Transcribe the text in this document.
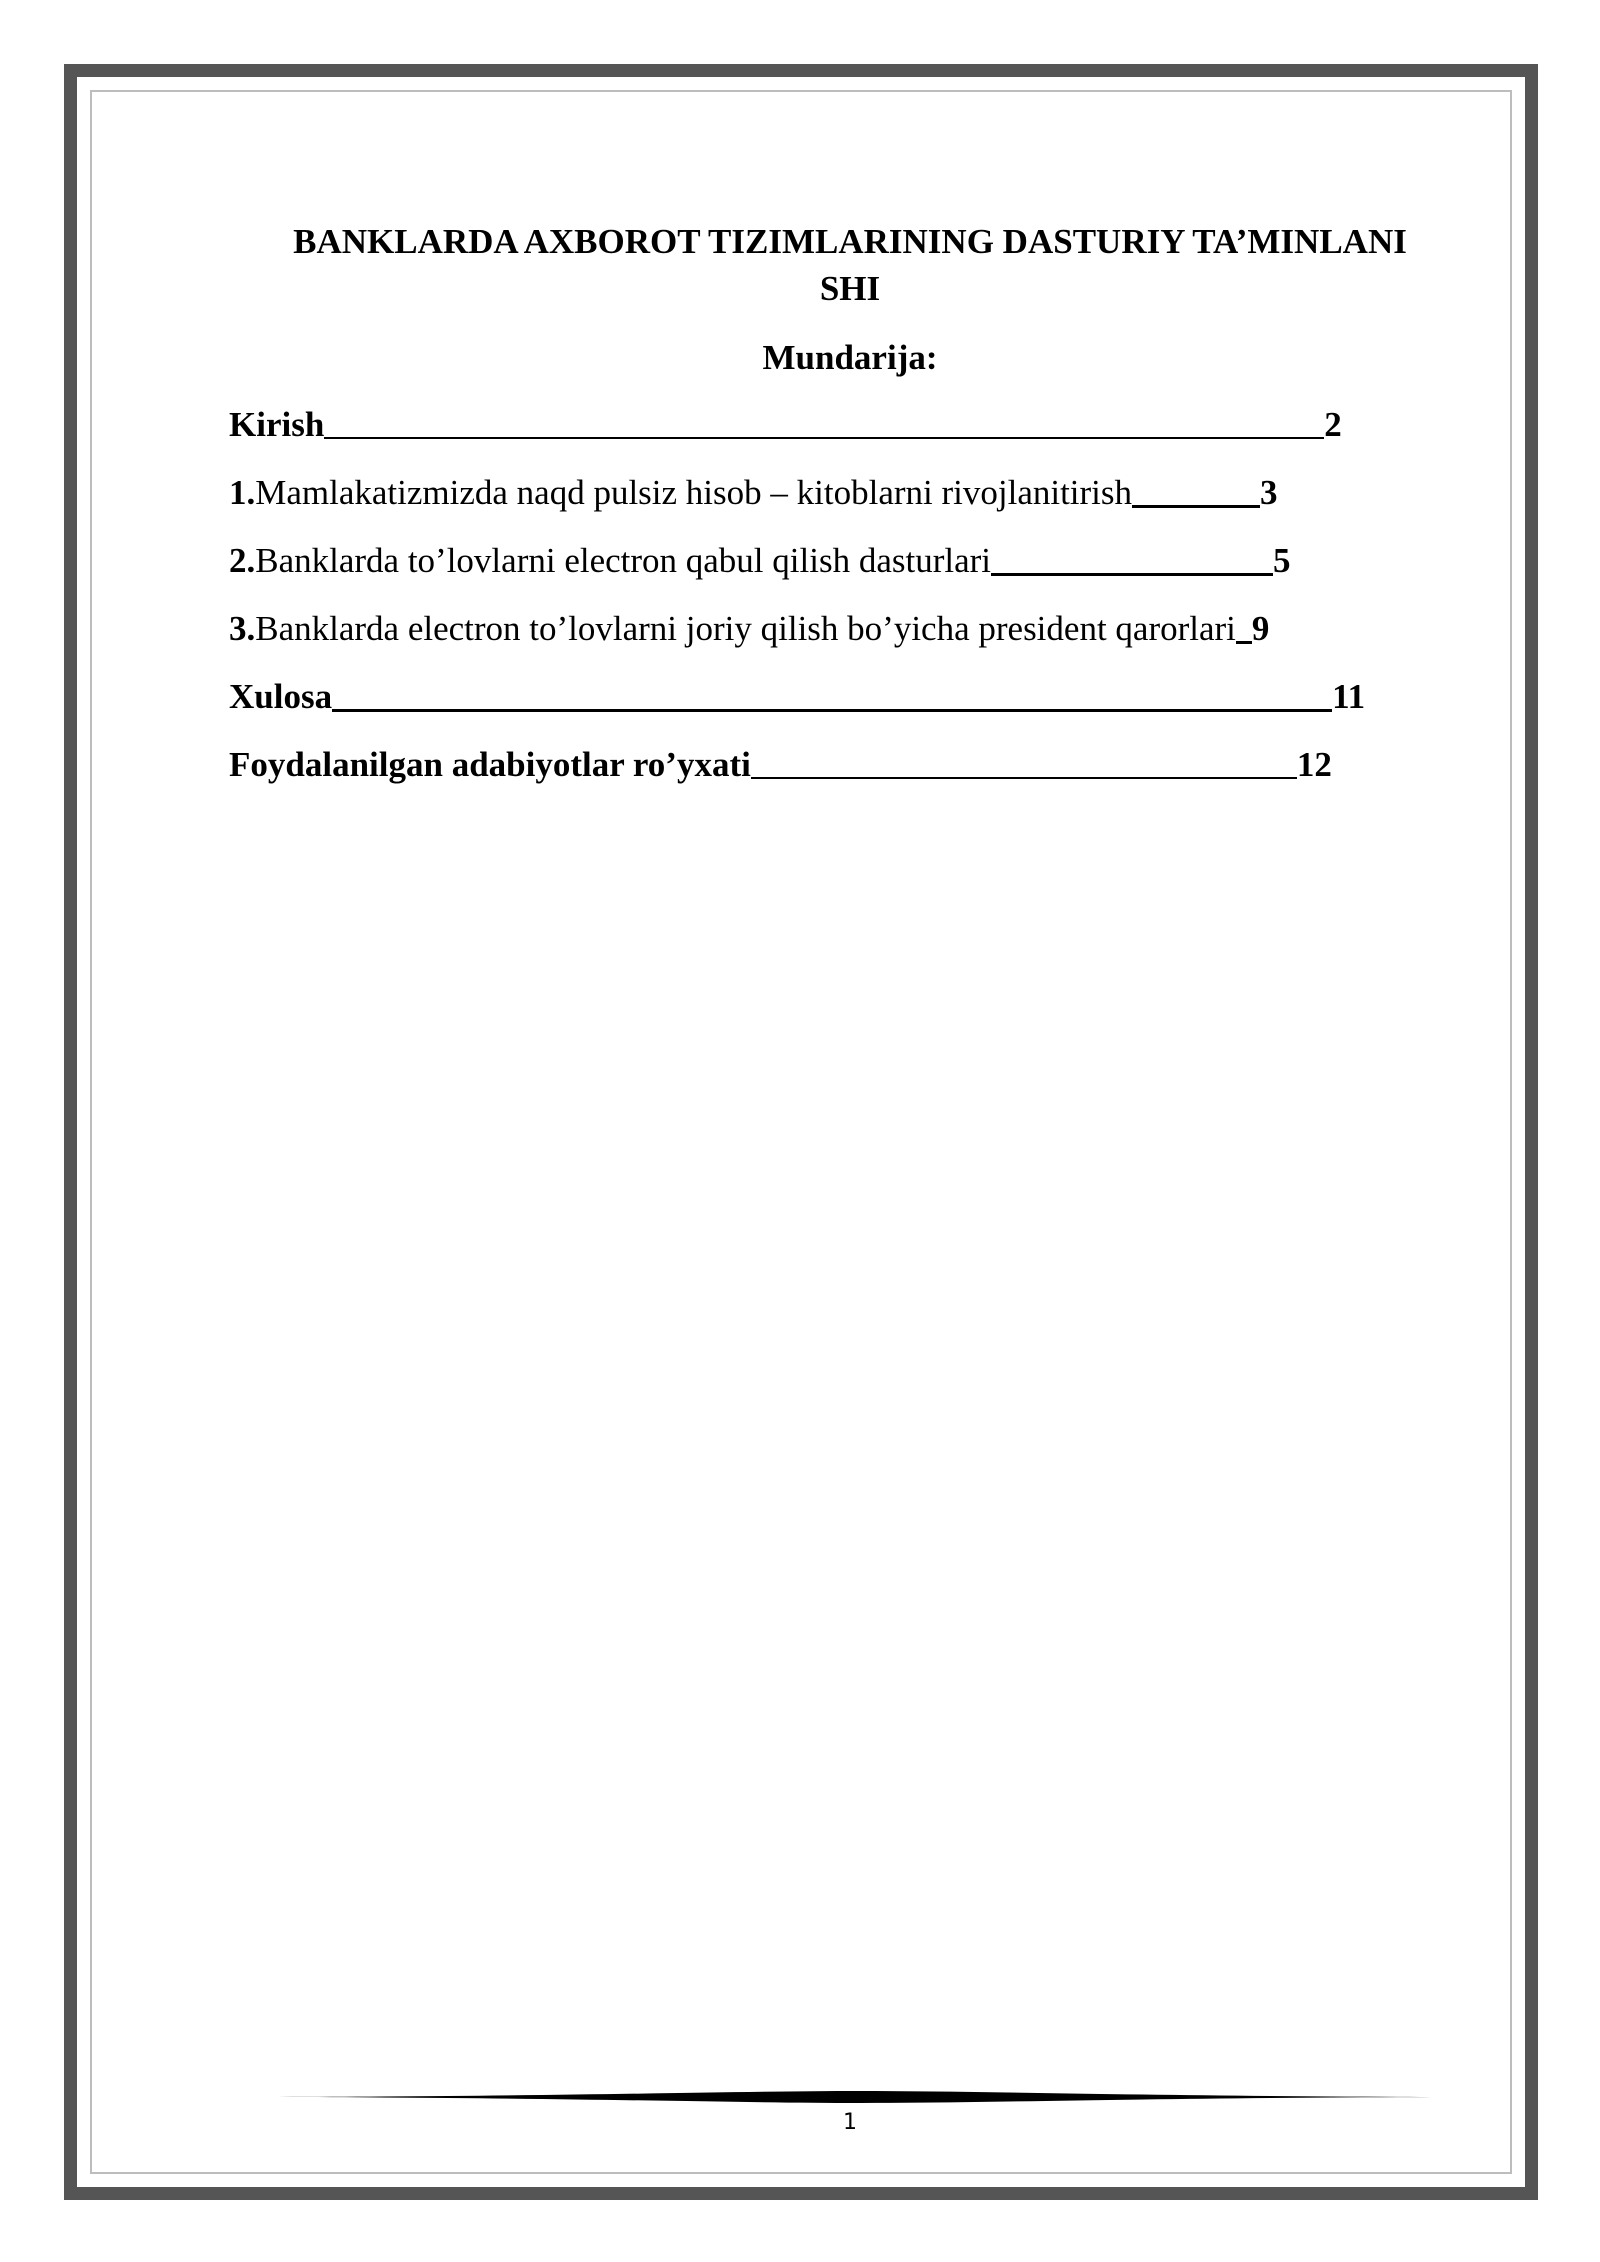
BANKLARDA AXBOROT TIZIMLARINING DASTURIY TA’MINLANI
SHI
Mundarija:
Kirish	2
1. Mamlakatizmizda naqd pulsiz hisob – kitoblarni rivojlanitirish	3
2. Banklarda to’lovlarni electron qabul qilish dasturlari	5
3. Banklarda electron to’lovlarni joriy qilish bo’yicha president qarorlari 9
Xulosa	11
Foydalanilgan adabiyotlar ro’yxati	12
1
